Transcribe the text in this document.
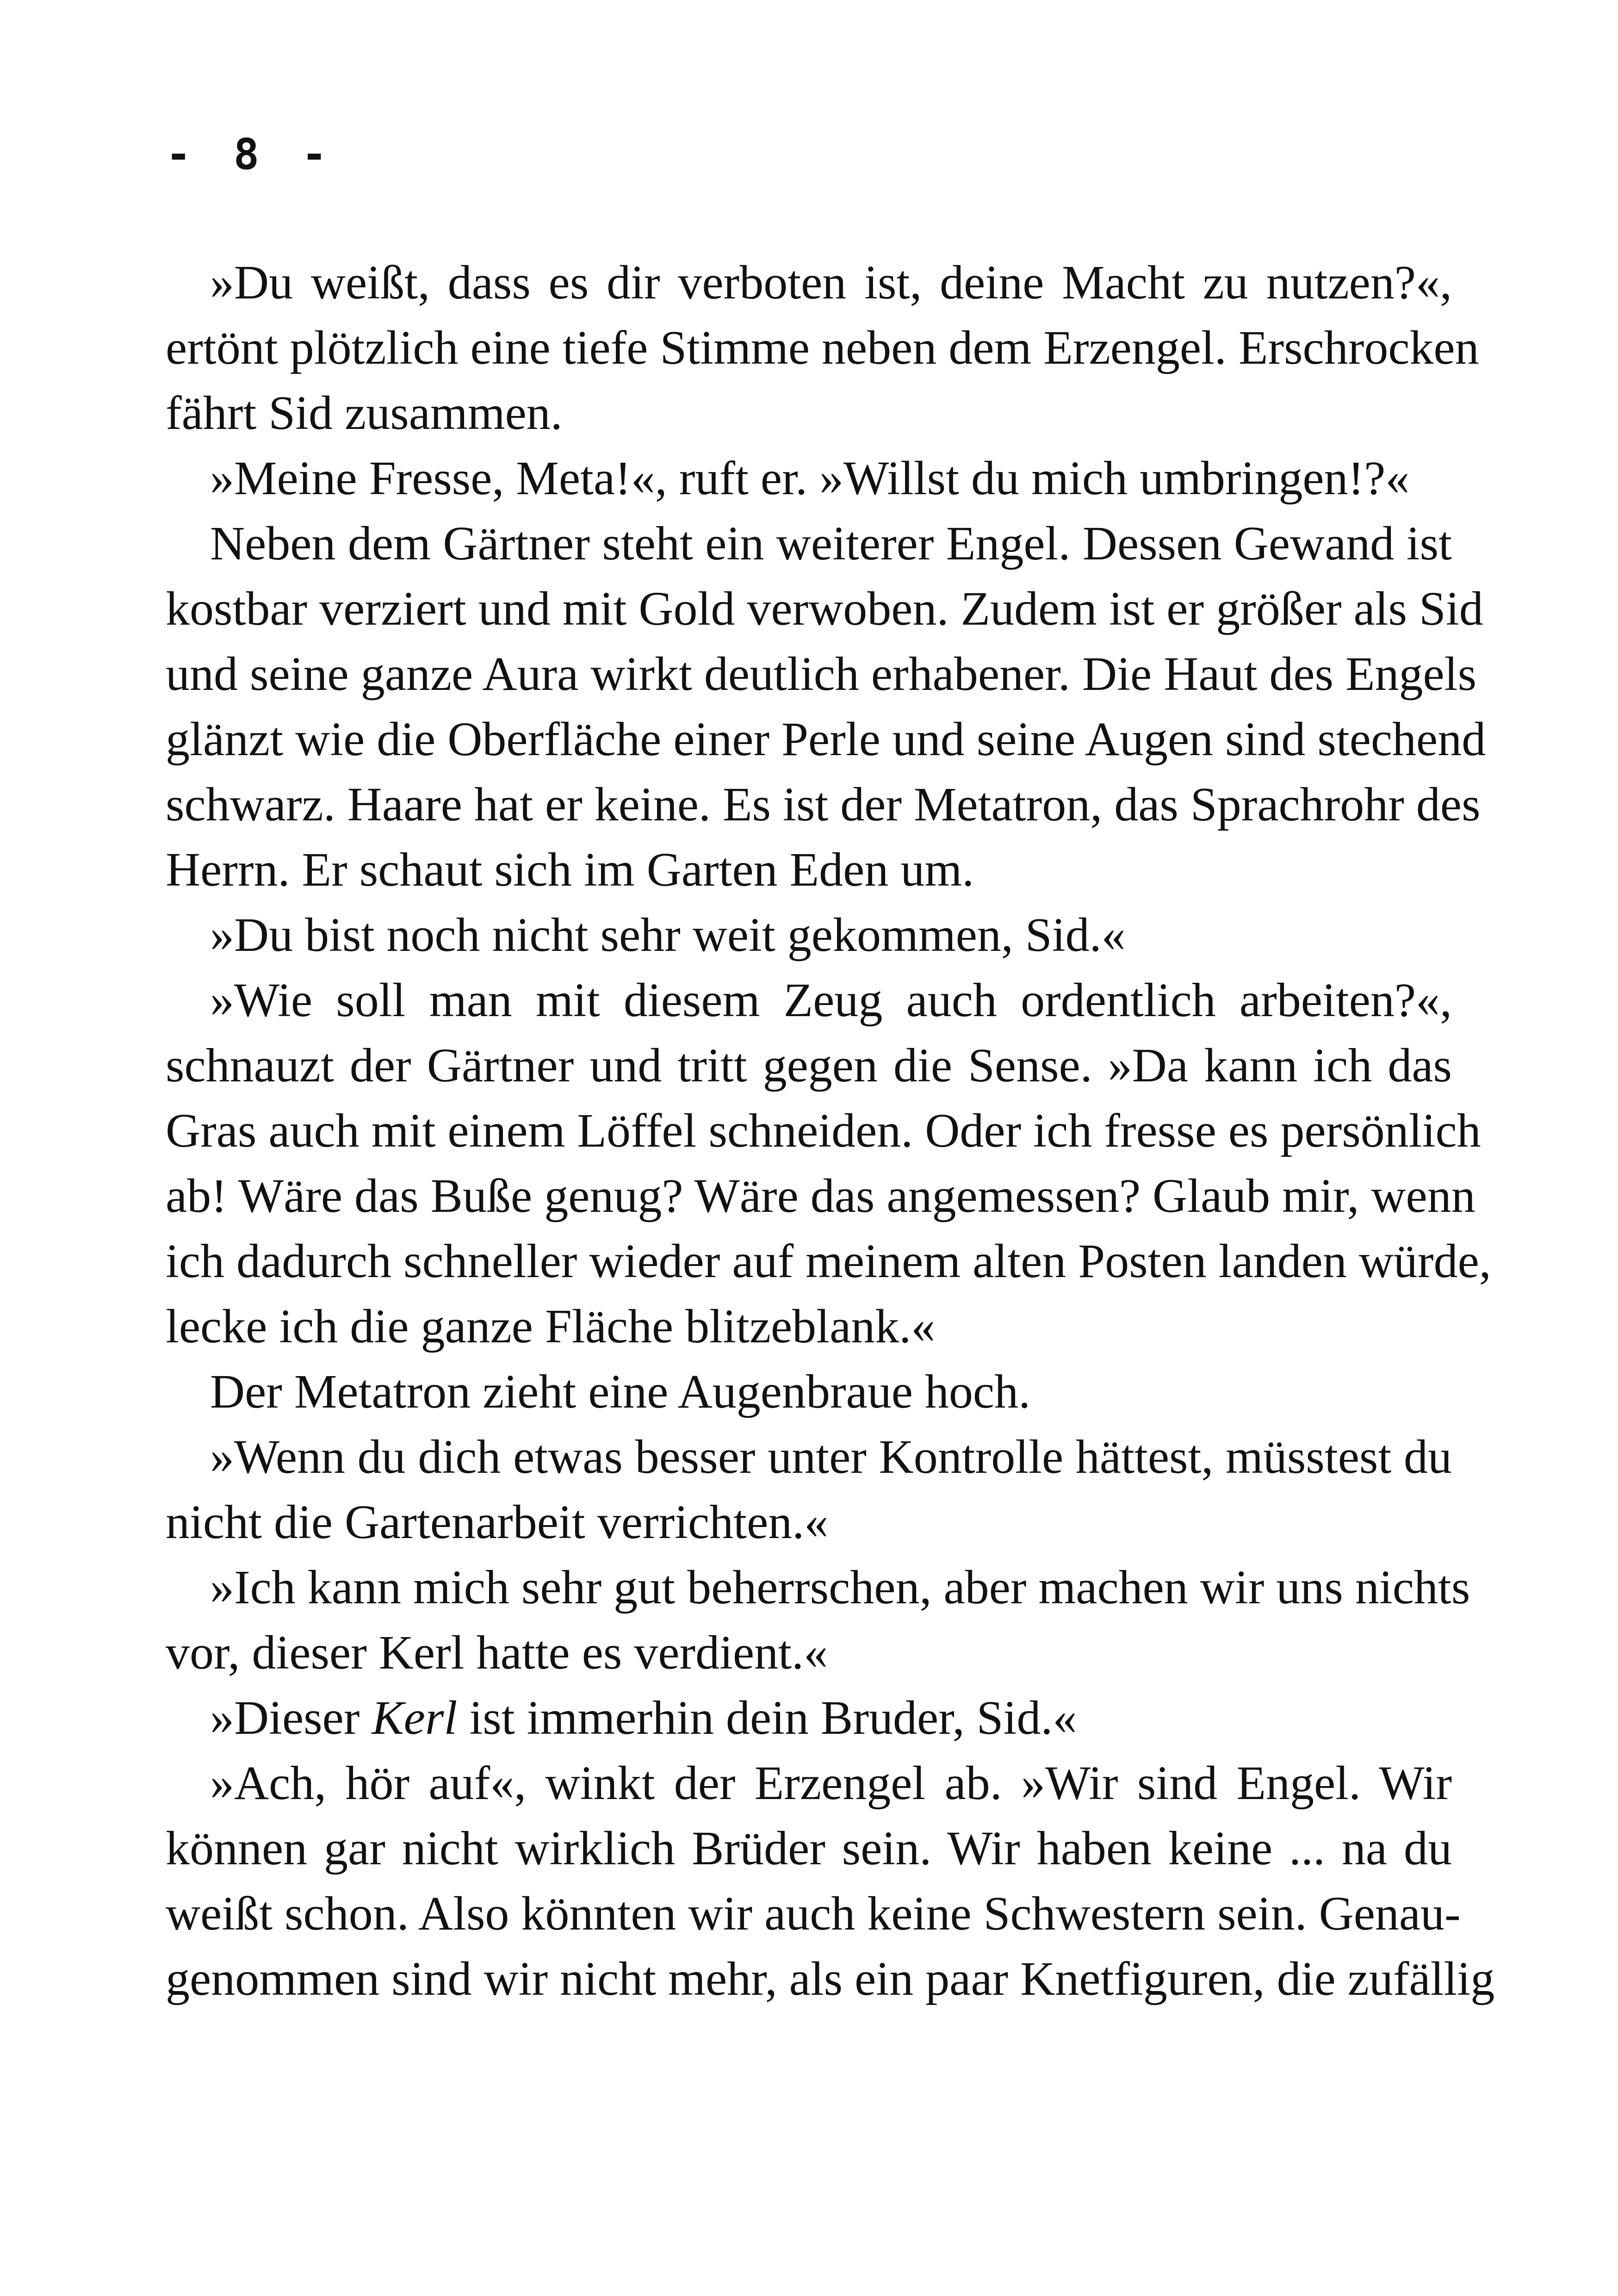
- 8 -
»Du weißt, dass es dir verboten ist, deine Macht zu nutzen?«,
ertönt plötzlich eine tiefe Stimme neben dem Erzengel. Erschrocken
fährt Sid zusammen.
»Meine Fresse, Meta!«, ruft er. »Willst du mich umbringen!?«
Neben dem Gärtner steht ein weiterer Engel. Dessen Gewand ist
kostbar verziert und mit Gold verwoben. Zudem ist er größer als Sid
und seine ganze Aura wirkt deutlich erhabener. Die Haut des Engels
glänzt wie die Oberfläche einer Perle und seine Augen sind stechend
schwarz. Haare hat er keine. Es ist der Metatron, das Sprachrohr des
Herrn. Er schaut sich im Garten Eden um.
»Du bist noch nicht sehr weit gekommen, Sid.«
»Wie soll man mit diesem Zeug auch ordentlich arbeiten?«,
schnauzt der Gärtner und tritt gegen die Sense. »Da kann ich das
Gras auch mit einem Löffel schneiden. Oder ich fresse es persönlich
ab! Wäre das Buße genug? Wäre das angemessen? Glaub mir, wenn
ich dadurch schneller wieder auf meinem alten Posten landen würde,
lecke ich die ganze Fläche blitzeblank.«
Der Metatron zieht eine Augenbraue hoch.
»Wenn du dich etwas besser unter Kontrolle hättest, müsstest du
nicht die Gartenarbeit verrichten.«
»Ich kann mich sehr gut beherrschen, aber machen wir uns nichts
vor, dieser Kerl hatte es verdient.«
»Dieser Kerl ist immerhin dein Bruder, Sid.«
»Ach, hör auf«, winkt der Erzengel ab. »Wir sind Engel. Wir
können gar nicht wirklich Brüder sein. Wir haben keine ... na du
weißt schon. Also könnten wir auch keine Schwestern sein. Genau-
genommen sind wir nicht mehr, als ein paar Knetfiguren, die zufällig
